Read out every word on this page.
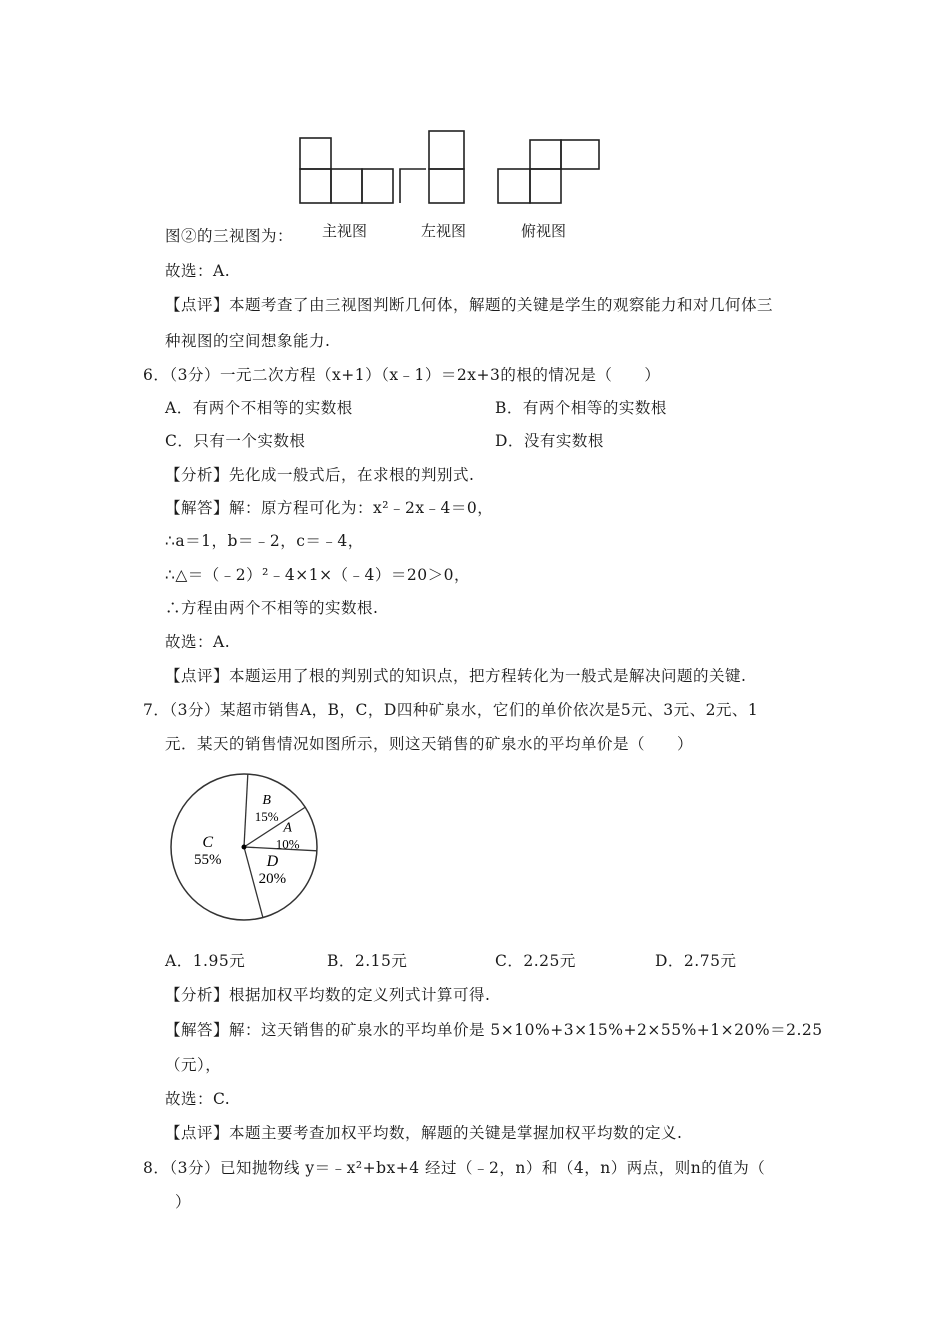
图②的三视图为： 主视图	左视图	俯视图
故选：A.
【点评】本题考查了由三视图判断几何体，解题的关键是学生的观察能力和对几何体三
种视图的空间想象能力.
6．（3分）一元二次方程（x+1）（x﹣1）＝2x+3的根的情况是（　　）
A．有两个不相等的实数根	B．有两个相等的实数根
C．只有一个实数根	D．没有实数根
【分析】先化成一般式后，在求根的判别式.
【解答】解：原方程可化为：x²﹣2x﹣4＝0，
∴a＝1，b＝﹣2，c＝﹣4，
∴△＝（﹣2）²﹣4×1×（﹣4）＝20＞0，
∴方程由两个不相等的实数根.
故选：A.
【点评】本题运用了根的判别式的知识点，把方程转化为一般式是解决问题的关键.
7．（3分）某超市销售A，B，C，D四种矿泉水，它们的单价依次是5元、3元、2元、1
元．某天的销售情况如图所示，则这天销售的矿泉水的平均单价是（　　）
D
20%
C
55%
B
15%
A
10%
A．1.95元	B．2.15元	C．2.25元	D．2.75元
【分析】根据加权平均数的定义列式计算可得.
【解答】解：这天销售的矿泉水的平均单价是 5×10%+3×15%+2×55%+1×20%＝2.25
（元），
故选：C.
【点评】本题主要考查加权平均数，解题的关键是掌握加权平均数的定义.
8．（3分）已知抛物线 y＝﹣x²+bx+4 经过（﹣2，n）和（4，n）两点，则n的值为（
）
